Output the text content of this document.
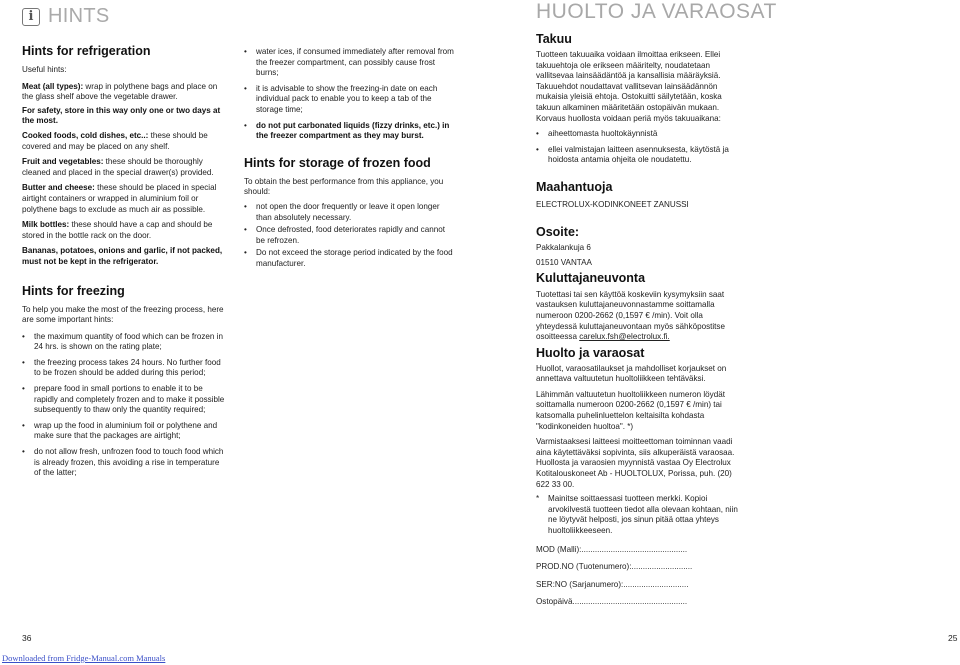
i HINTS
Hints for refrigeration

Useful hints:

Meat (all types): wrap in polythene bags and place on the glass shelf above the vegetable drawer.

For safety, store in this way only one or two days at the most.

Cooked foods, cold dishes, etc..: these should be covered and may be placed on any shelf.

Fruit and vegetables: these should be thoroughly cleaned and placed in the special drawer(s) provided.

Butter and cheese: these should be placed in special airtight containers or wrapped in aluminium foil or polythene bags to exclude as much air as possible.

Milk bottles: these should have a cap and should be stored in the bottle rack on the door.

Bananas, potatoes, onions and garlic, if not packed, must not be kept in the refrigerator.

Hints for freezing

To help you make the most of the freezing process, here are some important hints:

• the maximum quantity of food which can be frozen in 24 hrs. is shown on the rating plate;
• the freezing process takes 24 hours. No further food to be frozen should be added during this period;
• prepare food in small portions to enable it to be rapidly and completely frozen and to make it possible subsequently to thaw only the quantity required;
• wrap up the food in aluminium foil or polythene and make sure that the packages are airtight;
• do not allow fresh, unfrozen food to touch food which is already frozen, this avoiding a rise in temperature of the latter;
• water ices, if consumed immediately after removal from the freezer compartment, can possibly cause frost burns;
• it is advisable to show the freezing-in date on each individual pack to enable you to keep a tab of the storage time;
• do not put carbonated liquids (fizzy drinks, etc.) in the freezer compartment as they may burst.
Hints for storage of frozen food

To obtain the best performance from this appliance, you should:

• not open the door frequently or leave it open longer than absolutely necessary.
• Once defrosted, food deteriorates rapidly and cannot be refrozen.
• Do not exceed the storage period indicated by the food manufacturer.
HUOLTO JA VARAOSAT
Takuu

Tuotteen takuuaika voidaan ilmoittaa erikseen. Ellei takuuehtoja ole erikseen määritelty, noudatetaan vallitsevaa lainsäädäntöä ja kansallisia määräyksiä. Takuuehdot noudattavat vallitsevan lainsäädännön mukaisia yleisiä ehtoja. Ostokuitti säilytetään, koska takuun alkaminen määritetään ostopäivän mukaan. Korvaus huollosta voidaan periä myös takuuaikana:

• aiheettomasta huoltokäynnistä
• ellei valmistajan laitteen asennuksesta, käytöstä ja hoidosta antamia ohjeita ole noudatettu.
Maahantuoja

ELECTROLUX-KODINKONEET ZANUSSI

Osoite:

Pakkalankuja 6

01510 VANTAA

Kuluttajaneuvonta

Tuotettasi tai sen käyttöä koskeviin kysymyksiin saat vastauksen kuluttajaneuvonnastamme soittamalla numeroon 0200-2662 (0,1597 € /min). Voit olla yhteydessä kuluttajaneuvontaan myös sähköpostitse osoitteessa carelux.fsh@electrolux.fi.

Huolto ja varaosat

Huollot, varaosatilaukset ja mahdolliset korjaukset on annettava valtuutetun huoltoliikkeen tehtäväksi.

Lähimmän valtuutetun huoltoliikkeen numeron löydät soittamalla numeroon 0200-2662 (0,1597 € /min) tai katsomalla puhelinluettelon keltaisilta kohdasta "kodinkoneiden huoltoa". *)

Varmistaaksesi laitteesi moitteettoman toiminnan vaadi aina käytettäväksi sopivinta, siis alkuperäistä varaosaa. Huollosta ja varaosien myynnistä vastaa Oy Electrolux Kotitalouskoneet Ab - HUOLTOLUX, Porissa, puh. (20) 622 33 00.

* Mainitse soittaessasi tuotteen merkki. Kopioi arvokilvestä tuotteen tiedot alla olevaan kohtaan, niin ne löytyvät helposti, jos sinun pitää ottaa yhteys huoltoliikkeeseen.

MOD (Malli):...............................................

PROD.NO (Tuotenumero):...........................

SER:NO (Sarjanumero):.............................

Ostopäivä...................................................

36	25
Downloaded from Fridge-Manual.com Manuals
